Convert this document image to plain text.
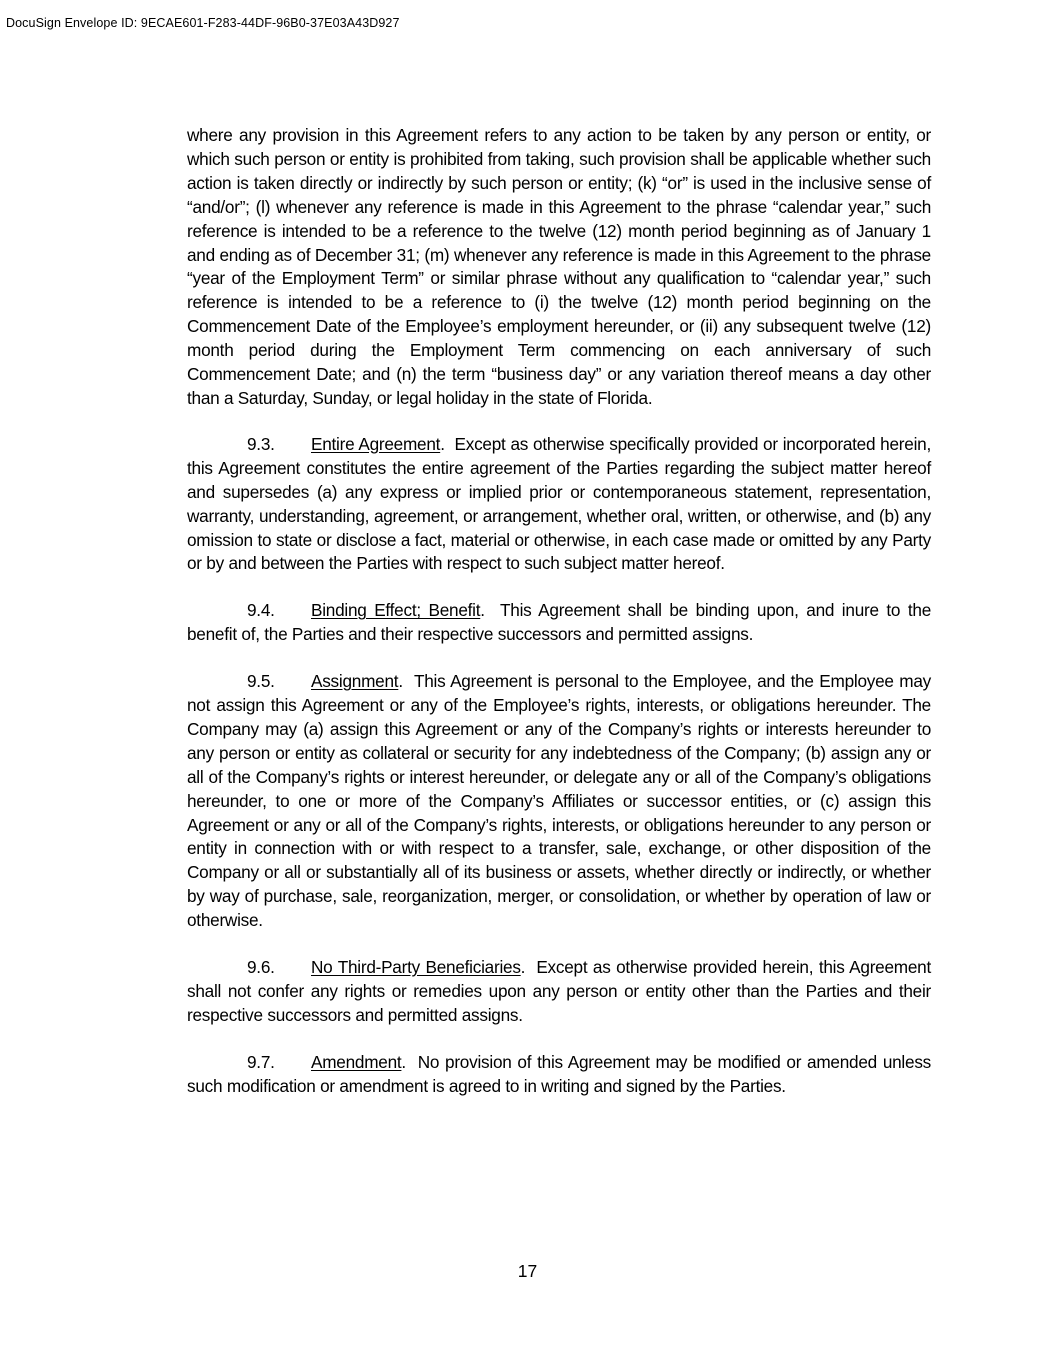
DocuSign Envelope ID: 9ECAE601-F283-44DF-96B0-37E03A43D927

where any provision in this Agreement refers to any action to be taken by any person or entity, or which such person or entity is prohibited from taking, such provision shall be applicable whether such action is taken directly or indirectly by such person or entity; (k) “or” is used in the inclusive sense of “and/or”; (l) whenever any reference is made in this Agreement to the phrase “calendar year,” such reference is intended to be a reference to the twelve (12) month period beginning as of January 1 and ending as of December 31; (m) whenever any reference is made in this Agreement to the phrase “year of the Employment Term” or similar phrase without any qualification to “calendar year,” such reference is intended to be a reference to (i) the twelve (12) month period beginning on the Commencement Date of the Employee’s employment hereunder, or (ii) any subsequent twelve (12) month period during the Employment Term commencing on each anniversary of such Commencement Date; and (n) the term “business day” or any variation thereof means a day other than a Saturday, Sunday, or legal holiday in the state of Florida.

9.3. Entire Agreement.  Except as otherwise specifically provided or incorporated herein, this Agreement constitutes the entire agreement of the Parties regarding the subject matter hereof and supersedes (a) any express or implied prior or contemporaneous statement, representation, warranty, understanding, agreement, or arrangement, whether oral, written, or otherwise, and (b) any omission to state or disclose a fact, material or otherwise, in each case made or omitted by any Party or by and between the Parties with respect to such subject matter hereof.

9.4. Binding Effect; Benefit.  This Agreement shall be binding upon, and inure to the benefit of, the Parties and their respective successors and permitted assigns.

9.5. Assignment.  This Agreement is personal to the Employee, and the Employee may not assign this Agreement or any of the Employee’s rights, interests, or obligations hereunder. The Company may (a) assign this Agreement or any of the Company’s rights or interests hereunder to any person or entity as collateral or security for any indebtedness of the Company; (b) assign any or all of the Company’s rights or interest hereunder, or delegate any or all of the Company’s obligations hereunder, to one or more of the Company’s Affiliates or successor entities, or (c) assign this Agreement or any or all of the Company’s rights, interests, or obligations hereunder to any person or entity in connection with or with respect to a transfer, sale, exchange, or other disposition of the Company or all or substantially all of its business or assets, whether directly or indirectly, or whether by way of purchase, sale, reorganization, merger, or consolidation, or whether by operation of law or otherwise.

9.6. No Third-Party Beneficiaries.  Except as otherwise provided herein, this Agreement shall not confer any rights or remedies upon any person or entity other than the Parties and their respective successors and permitted assigns.

9.7. Amendment.  No provision of this Agreement may be modified or amended unless such modification or amendment is agreed to in writing and signed by the Parties.

17
